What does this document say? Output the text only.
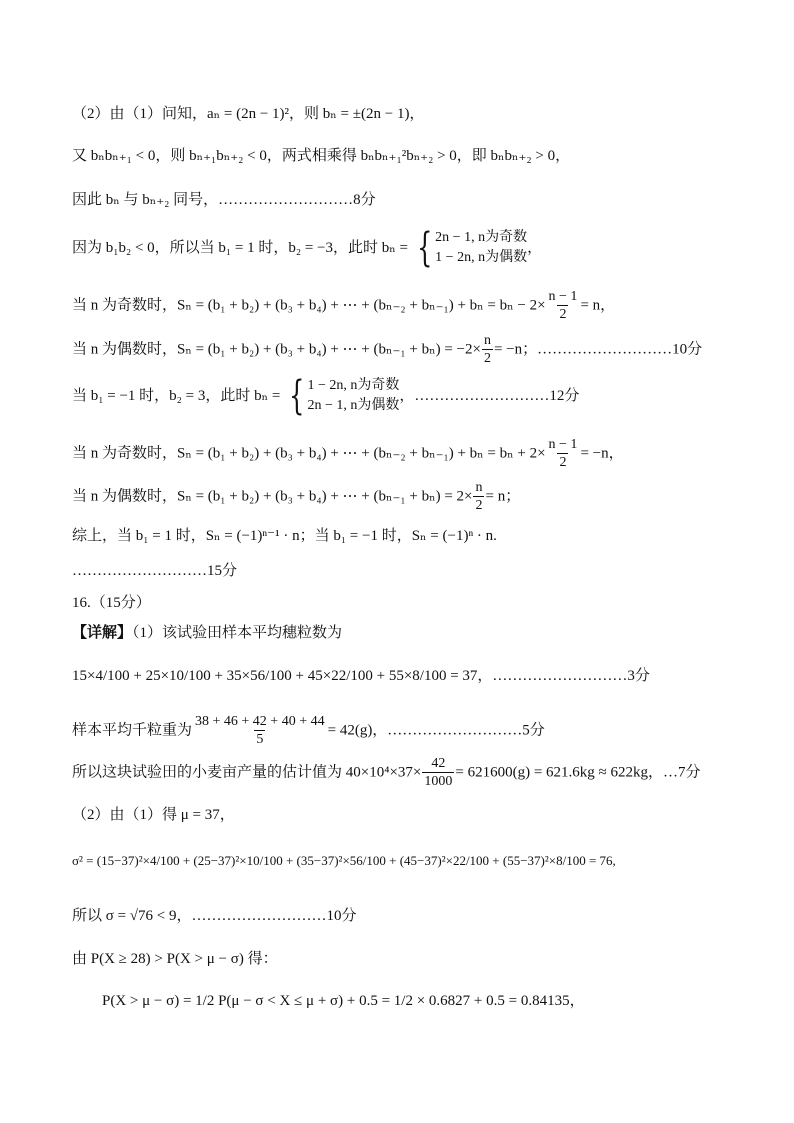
（2）由（1）问知，aₙ = (2n − 1)²，则 bₙ = ±(2n − 1)，
又 bₙbₙ₊₁ < 0，则 bₙ₊₁bₙ₊₂ < 0，两式相乘得 bₙbₙ₊₁²bₙ₊₂ > 0，即 bₙbₙ₊₂ > 0，
因此 bₙ 与 bₙ₊₂ 同号，………………………8分
因为 b₁b₂ < 0，所以当 b₁ = 1 时，b₂ = −3，此时 bₙ = { 2n − 1, n为奇数
1 − 2n, n为偶数
，
当 n 为奇数时，Sₙ = (b₁ + b₂) + (b₃ + b₄) + ⋯ + $(b_{n-2} + b_{n-1}) + b_n = b_n - 2\times \frac{n - 1}{2} = n$，
当 n 为偶数时，Sₙ = (b₁ + b₂) + (b₃ + b₄) + ⋯ + $(b_{n-1} + b_n) = -2\times \frac{n}{2} = -n$；………………………10分
当 b₁ = −1 时，b₂ = 3，此时 bₙ = { 1 − 2n, n为奇数
2n − 1, n为偶数
，………………………12分
当 n 为奇数时，Sₙ = (b₁ + b₂) + (b₃ + b₄) + ⋯ + $(b_{n-2} + b_{n-1}) + b_n = b_n + 2\times \frac{n - 1}{2} = -n$，
当 n 为偶数时，Sₙ = (b₁ + b₂) + (b₃ + b₄) + ⋯ + $(b_{n-1} + b_n) = 2\times \frac{n}{2} = n$；
综上，当 b₁ = 1 时，Sₙ = (−1)ⁿ⁻¹ · n；当 b₁ = −1 时，Sₙ = (−1)ⁿ · n.
………………………15分
16.（15分）
【详解】（1）该试验田样本平均穗粒数为
15×4/100 + 25×10/100 + 35×56/100 + 45×22/100 + 55×8/100 = 37，………………………3分
样本平均千粒重为 $\frac{38 + 46 + 42 + 40 + 44}{5} = 42(g)$，………………………5分
所以这块试验田的小麦亩产量的估计值为 $40\times 10^4\times 37\times \frac{42}{1000} = 621600(g) = 621.6kg \approx 622kg$，…7分
（2）由（1）得 μ = 37，
σ² = (15−37)²×4/100 + (25−37)²×10/100 + (35−37)²×56/100 + (45−37)²×22/100 + (55−37)²×8/100 = 76,
所以 σ = √76 < 9，………………………10分
由 P(X ≥ 28) > P(X > μ − σ) 得：
P(X > μ − σ) = 1/2 P(μ − σ < X ≤ μ + σ) + 0.5 = 1/2 × 0.6827 + 0.5 = 0.84135，
